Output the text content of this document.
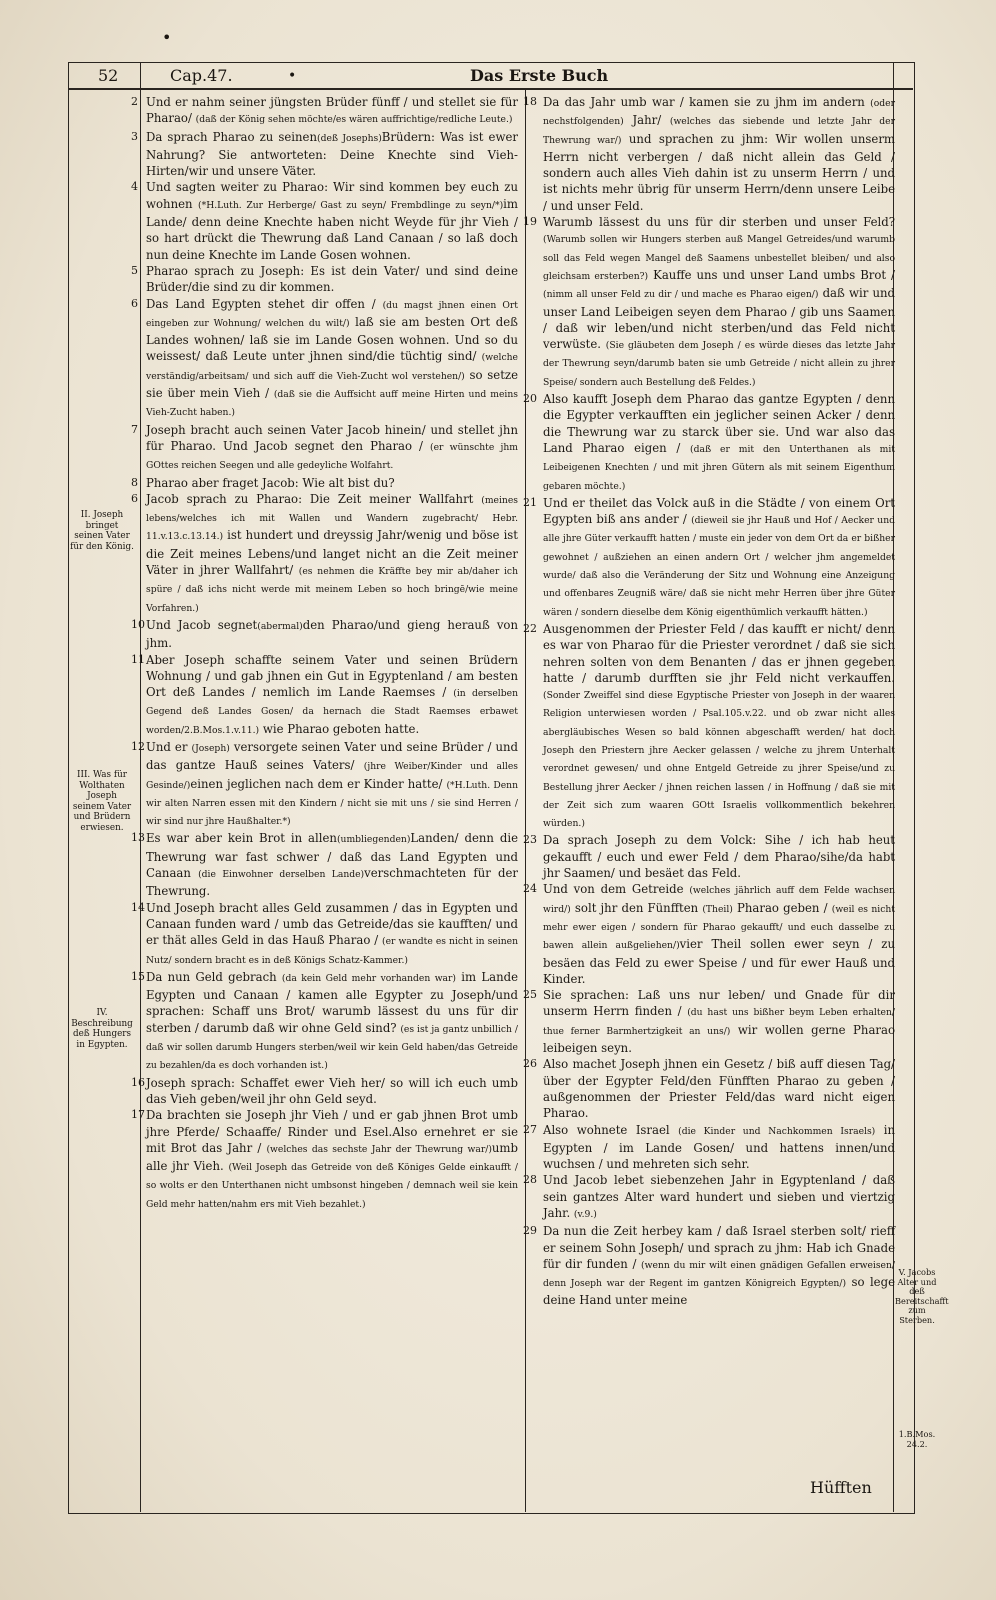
•
52	Cap.47.	•	Das Erste Buch

2 Und er nahm seiner jüngsten Brüder fünff / und stellet sie für Pharao/ (daß der König sehen möchte/es wären auffrichtige/redliche Leute.)

3 Da sprach Pharao zu seinen(deß Josephs)Brüdern: Was ist ewer Nahrung? Sie antworteten: Deine Knechte sind Vieh-Hirten/wir und unsere Väter.

4 Und sagten weiter zu Pharao: Wir sind kommen bey euch zu wohnen (*H.Luth. Zur Herberge/ Gast zu seyn/ Frembdlinge zu seyn/*)im Lande/ denn deine Knechte haben nicht Weyde für jhr Vieh / so hart drückt die Thewrung daß Land Canaan / so laß doch nun deine Knechte im Lande Gosen wohnen.

5 Pharao sprach zu Joseph: Es ist dein Vater/ und sind deine Brüder/die sind zu dir kommen.

6 Das Land Egypten stehet dir offen / (du magst jhnen einen Ort eingeben zur Wohnung/ welchen du wilt/) laß sie am besten Ort deß Landes wohnen/ laß sie im Lande Gosen wohnen. Und so du weissest/ daß Leute unter jhnen sind/die tüchtig sind/ (welche verständig/arbeitsam/ und sich auff die Vieh-Zucht wol verstehen/) so setze sie über mein Vieh / (daß sie die Auffsicht auff meine Hirten und meins Vieh-Zucht haben.)

7 Joseph bracht auch seinen Vater Jacob hinein/ und stellet jhn für Pharao. Und Jacob segnet den Pharao / (er wünschte jhm GOttes reichen Seegen und alle gedeyliche Wolfahrt.

8 Pharao aber fraget Jacob: Wie alt bist du?

6 Jacob sprach zu Pharao: Die Zeit meiner Wallfahrt (meines lebens/welches ich mit Wallen und Wandern zugebracht/ Hebr. 11.v.13.c.13.14.) ist hundert und dreyssig Jahr/wenig und böse ist die Zeit meines Lebens/und langet nicht an die Zeit meiner Väter in jhrer Wallfahrt/ (es nehmen die Kräffte bey mir ab/daher ich spüre / daß ichs nicht werde mit meinem Leben so hoch bringē/wie meine Vorfahren.)

10 Und Jacob segnet(abermal)den Pharao/und gieng herauß von jhm.

11 Aber Joseph schaffte seinem Vater und seinen Brüdern Wohnung / und gab jhnen ein Gut in Egyptenland / am besten Ort deß Landes / nemlich im Lande Raemses / (in derselben Gegend deß Landes Gosen/ da hernach die Stadt Raemses erbawet worden/2.B.Mos.1.v.11.) wie Pharao geboten hatte.

12 Und er (Joseph) versorgete seinen Vater und seine Brüder / und das gantze Hauß seines Vaters/ (jhre Weiber/Kinder und alles Gesinde/)einen jeglichen nach dem er Kinder hatte/ (*H.Luth. Denn wir alten Narren essen mit den Kindern / nicht sie mit uns / sie sind Herren / wir sind nur jhre Haußhalter.*)

13 Es war aber kein Brot in allen(umbliegenden)Landen/ denn die Thewrung war fast schwer / daß das Land Egypten und Canaan (die Einwohner derselben Lande)verschmachteten für der Thewrung.

14 Und Joseph bracht alles Geld zusammen / das in Egypten und Canaan funden ward / umb das Getreide/das sie kaufften/ und er thät alles Geld in das Hauß Pharao / (er wandte es nicht in seinen Nutz/ sondern bracht es in deß Königs Schatz-Kammer.)

15 Da nun Geld gebrach (da kein Geld mehr vorhanden war) im Lande Egypten und Canaan / kamen alle Egypter zu Joseph/und sprachen: Schaff uns Brot/ warumb lässest du uns für dir sterben / darumb daß wir ohne Geld sind? (es ist ja gantz unbillich / daß wir sollen darumb Hungers sterben/weil wir kein Geld haben/das Getreide zu bezahlen/da es doch vorhanden ist.)

16 Joseph sprach: Schaffet ewer Vieh her/ so will ich euch umb das Vieh geben/weil jhr ohn Geld seyd.

17 Da brachten sie Joseph jhr Vieh / und er gab jhnen Brot umb jhre Pferde/ Schaaffe/ Rinder und Esel.Also ernehret er sie mit Brot das Jahr / (welches das sechste Jahr der Thewrung war/)umb alle jhr Vieh. (Weil Joseph das Getreide von deß Königes Gelde einkaufft / so wolts er den Unterthanen nicht umbsonst hingeben / demnach weil sie kein Geld mehr hatten/nahm ers mit Vieh bezahlet.)

18 Da das Jahr umb war / kamen sie zu jhm im andern (oder nechstfolgenden) Jahr/ (welches das siebende und letzte Jahr der Thewrung war/) und sprachen zu jhm: Wir wollen unserm Herrn nicht verbergen / daß nicht allein das Geld / sondern auch alles Vieh dahin ist zu unserm Herrn / und ist nichts mehr übrig für unserm Herrn/denn unsere Leibe / und unser Feld.

19 Warumb lässest du uns für dir sterben und unser Feld? (Warumb sollen wir Hungers sterben auß Mangel Getreides/und warumb soll das Feld wegen Mangel deß Saamens unbestellet bleiben/ und also gleichsam ersterben?) Kauffe uns und unser Land umbs Brot / (nimm all unser Feld zu dir / und mache es Pharao eigen/) daß wir und unser Land Leibeigen seyen dem Pharao / gib uns Saamen / daß wir leben/und nicht sterben/und das Feld nicht verwüste. (Sie gläubeten dem Joseph / es würde dieses das letzte Jahr der Thewrung seyn/darumb baten sie umb Getreide / nicht allein zu jhrer Speise/ sondern auch Bestellung deß Feldes.)

20 Also kaufft Joseph dem Pharao das gantze Egypten / denn die Egypter verkaufften ein jeglicher seinen Acker / denn die Thewrung war zu starck über sie. Und war also das Land Pharao eigen / (daß er mit den Unterthanen als mit Leibeigenen Knechten / und mit jhren Gütern als mit seinem Eigenthum gebaren möchte.)

21 Und er theilet das Volck auß in die Städte / von einem Ort Egypten biß ans ander / (dieweil sie jhr Hauß und Hof / Aecker und alle jhre Güter verkaufft hatten / muste ein jeder von dem Ort da er bißher gewohnet / außziehen an einen andern Ort / welcher jhm angemeldet wurde/ daß also die Veränderung der Sitz und Wohnung eine Anzeigung und offenbares Zeugniß wäre/ daß sie nicht mehr Herren über jhre Güter wären / sondern dieselbe dem König eigenthümlich verkaufft hätten.)

22 Ausgenommen der Priester Feld / das kaufft er nicht/ denn es war von Pharao für die Priester verordnet / daß sie sich nehren solten von dem Benanten / das er jhnen gegeben hatte / darumb durfften sie jhr Feld nicht verkauffen. (Sonder Zweiffel sind diese Egyptische Priester von Joseph in der waaren Religion unterwiesen worden / Psal.105.v.22. und ob zwar nicht alles abergläubisches Wesen so bald können abgeschafft werden/ hat doch Joseph den Priestern jhre Aecker gelassen / welche zu jhrem Unterhalt verordnet gewesen/ und ohne Entgeld Getreide zu jhrer Speise/und zu Bestellung jhrer Aecker / jhnen reichen lassen / in Hoffnung / daß sie mit der Zeit sich zum waaren GOtt Israelis vollkommentlich bekehren würden.)

23 Da sprach Joseph zu dem Volck: Sihe / ich hab heut gekaufft / euch und ewer Feld / dem Pharao/sihe/da habt jhr Saamen/ und besäet das Feld.

24 Und von dem Getreide (welches jährlich auff dem Felde wachsen wird/) solt jhr den Fünfften (Theil) Pharao geben / (weil es nicht mehr ewer eigen / sondern für Pharao gekaufft/ und euch dasselbe zu bawen allein außgeliehen/)vier Theil sollen ewer seyn / zu besäen das Feld zu ewer Speise / und für ewer Hauß und Kinder.

25 Sie sprachen: Laß uns nur leben/ und Gnade für dir unserm Herrn finden / (du hast uns bißher beym Leben erhalten/ thue ferner Barmhertzigkeit an uns/) wir wollen gerne Pharao leibeigen seyn.

26 Also machet Joseph jhnen ein Gesetz / biß auff diesen Tag/über der Egypter Feld/den Fünfften Pharao zu geben / außgenommen der Priester Feld/das ward nicht eigen Pharao.

27 Also wohnete Israel (die Kinder und Nachkommen Israels) in Egypten / im Lande Gosen/ und hattens innen/und wuchsen / und mehreten sich sehr.

28 Und Jacob lebet siebenzehen Jahr in Egyptenland / daß sein gantzes Alter ward hundert und sieben und viertzig Jahr. (v.9.)

29 Da nun die Zeit herbey kam / daß Israel sterben solt/ rieff er seinem Sohn Joseph/ und sprach zu jhm: Hab ich Gnade für dir funden / (wenn du mir wilt einen gnädigen Gefallen erweisen/ denn Joseph war der Regent im gantzen Königreich Egypten/) so lege deine Hand unter meine

II. Joseph bringet seinen Vater für den König.
III. Was für Wolthaten Joseph seinem Vater und Brüdern erwiesen.
IV. Beschreibung deß Hungers in Egypten.
V. Jacobs Alter und deß Bereitschafft zum Sterben.
1.B.Mos. 24.2.
Hüfften
